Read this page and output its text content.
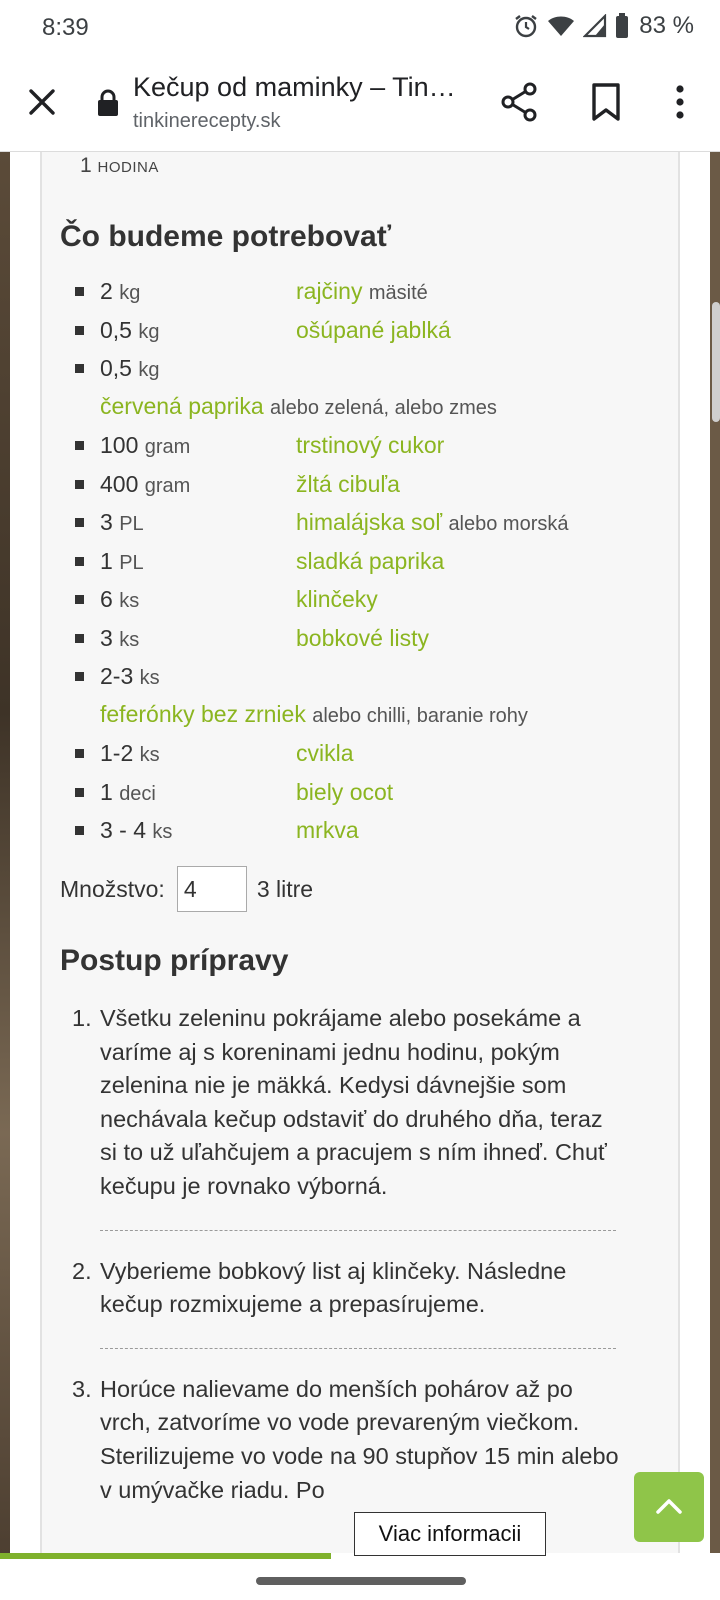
8:39	83 %
Kečup od maminky – Tin…
tinkinerecepty.sk
1 HODINA
Čo budeme potrebovať
2 kg	rajčiny mäsité
0,5 kg	ošúpané jablká
0,5 kg
červená paprika alebo zelená, alebo zmes
100 gram	trstinový cukor
400 gram	žltá cibuľa
3 PL	himalájska soľ alebo morská
1 PL	sladká paprika
6 ks	klinčeky
3 ks	bobkové listy
2-3 ks
feferónky bez zrniek alebo chilli, baranie rohy
1-2 ks	cvikla
1 deci	biely ocot
3 - 4 ks	mrkva
Množstvo:
4	3 litre
Postup prípravy
1. Všetku zeleninu pokrájame alebo posekáme a varíme aj s koreninami jednu hodinu, pokým zelenina nie je mäkká. Kedysi dávnejšie som nechávala kečup odstaviť do druhého dňa, teraz si to už uľahčujem a pracujem s ním ihneď. Chuť kečupu je rovnako výborná.
2. Vyberieme bobkový list aj klinčeky. Následne kečup rozmixujeme a prepasírujeme.
3. Horúce nalievame do menších pohárov až po vrch, zatvoríme vo vode prevareným viečkom. Sterilizujeme vo vode na 90 stupňov 15 min alebo v umývačke riadu. Po
Viac informacii
